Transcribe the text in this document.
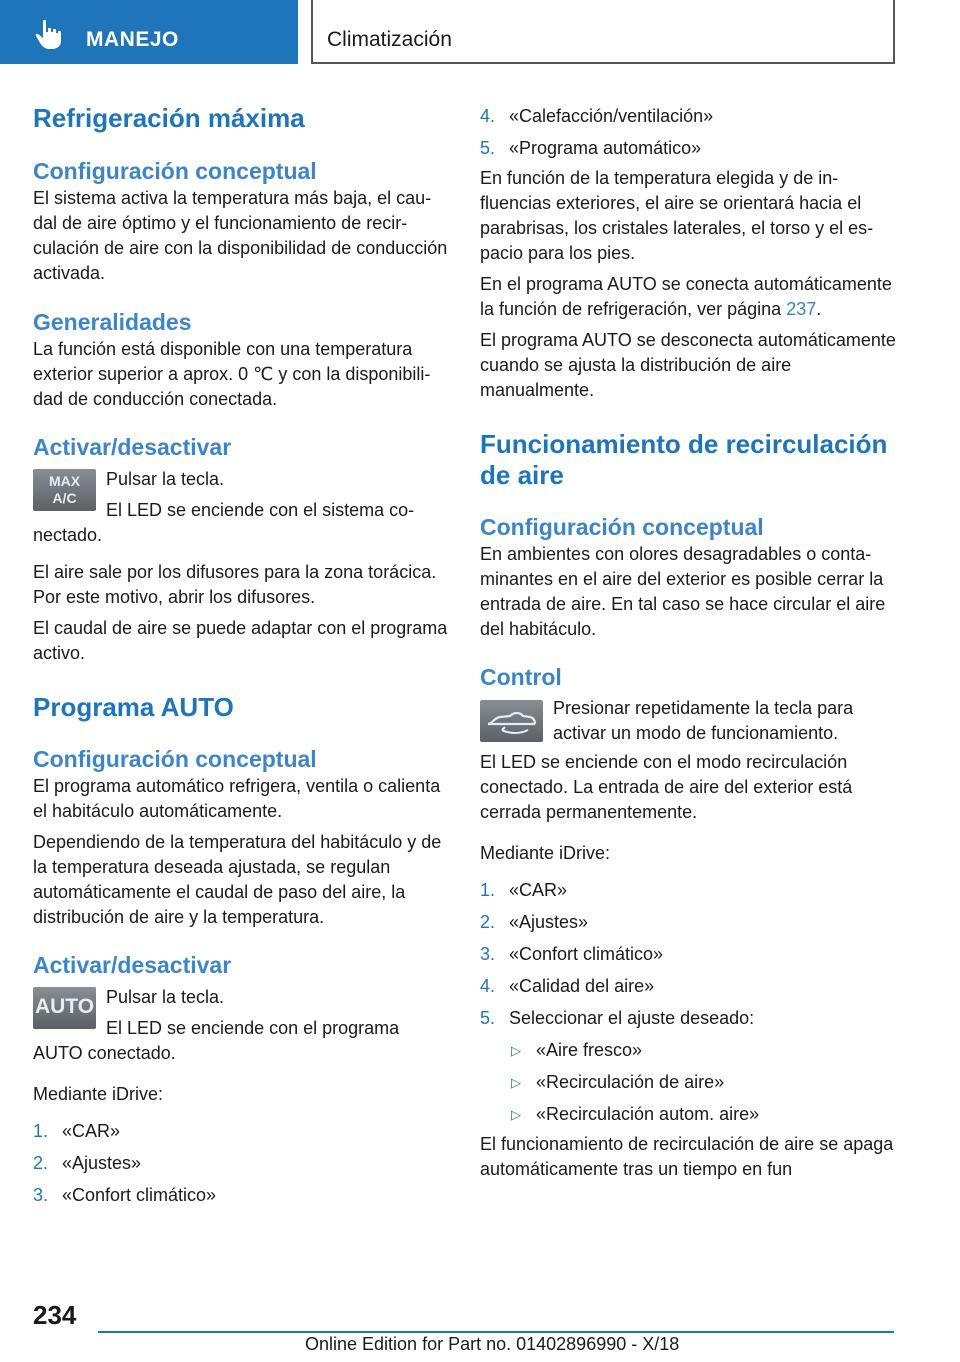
MANEJO	Climatización
Refrigeración máxima
Configuración conceptual

El sistema activa la temperatura más baja, el caudal de aire óptimo y el funcionamiento de recirculación de aire con la disponibilidad de conducción activada.

Generalidades

La función está disponible con una temperatura exterior superior a aprox. 0 ℃ y con la disponibilidad de conducción conectada.

Activar/desactivar
MAX
A/C

Pulsar la tecla.

El LED se enciende con el sistema conectado.

El aire sale por los difusores para la zona torácica. Por este motivo, abrir los difusores.

El caudal de aire se puede adaptar con el programa activo.

Programa AUTO
Configuración conceptual

El programa automático refrigera, ventila o calienta el habitáculo automáticamente.

Dependiendo de la temperatura del habitáculo y de la temperatura deseada ajustada, se regulan automáticamente el caudal de paso del aire, la distribución de aire y la temperatura.

Activar/desactivar
AUTO Pulsar la tecla.

El LED se enciende con el programa AUTO conectado.

Mediante iDrive:

1. «CAR»
2. «Ajustes»
3. «Confort climático»
4. «Calefacción/ventilación»
5. «Programa automático»

En función de la temperatura elegida y de influencias exteriores, el aire se orientará hacia el parabrisas, los cristales laterales, el torso y el espacio para los pies.

En el programa AUTO se conecta automáticamente la función de refrigeración, ver página 237.

El programa AUTO se desconecta automáticamente cuando se ajusta la distribución de aire manualmente.

Funcionamiento de recirculación de aire
Configuración conceptual

En ambientes con olores desagradables o contaminantes en el aire del exterior es posible cerrar la entrada de aire. En tal caso se hace circular el aire del habitáculo.

Control

Presionar repetidamente la tecla para activar un modo de funcionamiento.

El LED se enciende con el modo recirculación conectado. La entrada de aire del exterior está cerrada permanentemente.

Mediante iDrive:

1. «CAR»
2. «Ajustes»
3. «Confort climático»
4. «Calidad del aire»
5. Seleccionar el ajuste deseado:
▷ «Aire fresco»
▷ «Recirculación de aire»
▷ «Recirculación autom. aire»

El funcionamiento de recirculación de aire se apaga automáticamente tras un tiempo en fun

234
Online Edition for Part no. 01402896990 - X/18
